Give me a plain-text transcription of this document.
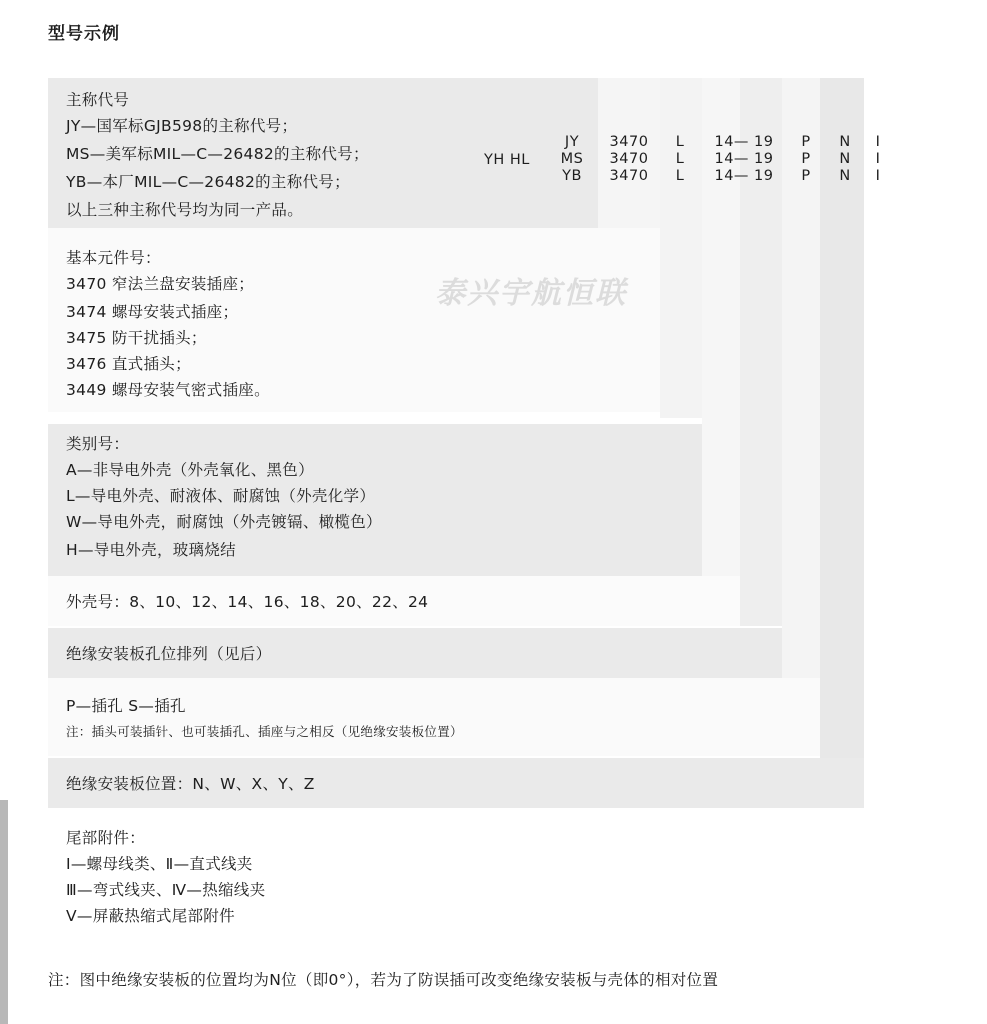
型号示例
泰兴宇航恒联
YH HL
JY
MS
YB
3470
3470
3470
L
L
L
14— 19
14— 19
14— 19
P
P
P
N
N
N
I
I
I
主称代号
JY—国军标GJB598的主称代号；
MS—美军标MIL—C—26482的主称代号；
YB—本厂MIL—C—26482的主称代号；
以上三种主称代号均为同一产品。
基本元件号：
3470 窄法兰盘安装插座；
3474 螺母安装式插座；
3475 防干扰插头；
3476 直式插头；
3449 螺母安装气密式插座。
类别号：
A—非导电外壳（外壳氧化、黑色）
L—导电外壳、耐液体、耐腐蚀（外壳化学）
W—导电外壳，耐腐蚀（外壳镀镉、橄榄色）
H—导电外壳，玻璃烧结
外壳号：8、10、12、14、16、18、20、22、24
绝缘安装板孔位排列（见后）
P—插孔 S—插孔
注：插头可装插针、也可装插孔、插座与之相反（见绝缘安装板位置）
绝缘安装板位置：N、W、X、Y、Z
尾部附件：
Ⅰ—螺母线类、Ⅱ—直式线夹
Ⅲ—弯式线夹、Ⅳ—热缩线夹
Ⅴ—屏蔽热缩式尾部附件
注：图中绝缘安装板的位置均为N位（即0°），若为了防误插可改变绝缘安装板与壳体的相对位置
